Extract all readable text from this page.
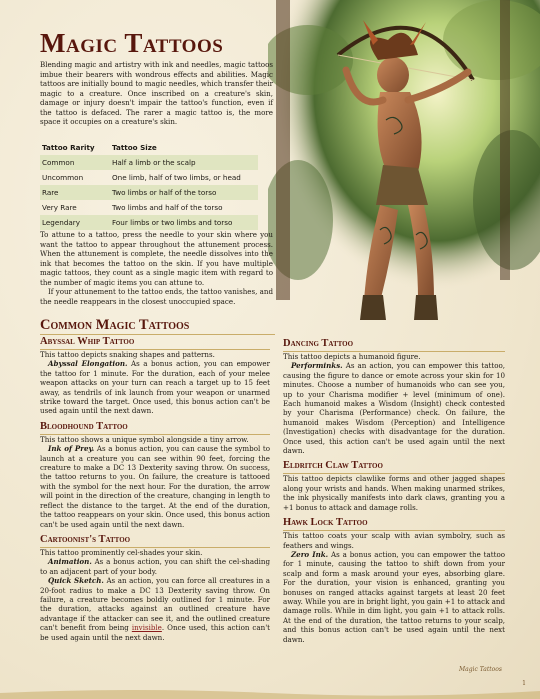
Magic Tattoos

Blending magic and artistry with ink and needles, magic tattoos imbue their bearers with wondrous effects and abilities. Magic tattoos are initially bound to magic needles, which transfer their magic to a creature. Once inscribed on a creature's skin, damage or injury doesn't impair the tattoo's function, even if the tattoo is defaced. The rarer a magic tattoo is, the more space it occupies on a creature's skin.

Tattoo Rarity	Tattoo Size
Common	Half a limb or the scalp
Uncommon	One limb, half of two limbs, or head
Rare	Two limbs or half of the torso
Very Rare	Two limbs and half of the torso
Legendary	Four limbs or two limbs and torso

To attune to a tattoo, press the needle to your skin where you want the tattoo to appear throughout the attunement process. When the attunement is complete, the needle dissolves into the ink that becomes the tattoo on the skin. If you have multiple magic tattoos, they count as a single magic item with regard to the number of magic items you can attune to.

If your attunement to the tattoo ends, the tattoo vanishes, and the needle reappears in the closest unoccupied space.

Common Magic Tattoos
Abyssal Whip Tattoo

This tattoo depicts snaking shapes and patterns.

Abyssal Elongation. As a bonus action, you can empower the tattoo for 1 minute. For the duration, each of your melee weapon attacks on your turn can reach a target up to 15 feet away, as tendrils of ink launch from your weapon or unarmed strike toward the target. Once used, this bonus action can't be used again until the next dawn.

Bloodhound Tattoo

This tattoo shows a unique symbol alongside a tiny arrow.

Ink of Prey. As a bonus action, you can cause the symbol to launch at a creature you can see within 90 feet, forcing the creature to make a DC 13 Dexterity saving throw. On success, the tattoo returns to you. On failure, the creature is tattooed with the symbol for the next hour. For the duration, the arrow will point in the direction of the creature, changing in length to reflect the distance to the target. At the end of the duration, the tattoo reappears on your skin. Once used, this bonus action can't be used again until the next dawn.

Cartoonist's Tattoo

This tattoo prominently cel-shades your skin.

Animation. As a bonus action, you can shift the cel-shading to an adjacent part of your body.

Quick Sketch. As an action, you can force all creatures in a 20-foot radius to make a DC 13 Dexterity saving throw. On failure, a creature becomes boldly outlined for 1 minute. For the duration, attacks against an outlined creature have advantage if the attacker can see it, and the outlined creature can't benefit from being invisible. Once used, this action can't be used again until the next dawn.

Dancing Tattoo

This tattoo depicts a humanoid figure.

Performinks. As an action, you can empower this tattoo, causing the figure to dance or emote across your skin for 10 minutes. Choose a number of humanoids who can see you, up to your Charisma modifier + level (minimum of one). Each humanoid makes a Wisdom (Insight) check contested by your Charisma (Performance) check. On failure, the humanoid makes Wisdom (Perception) and Intelligence (Investigation) checks with disadvantage for the duration. Once used, this action can't be used again until the next dawn.

Eldritch Claw Tattoo

This tattoo depicts clawlike forms and other jagged shapes along your wrists and hands. When making unarmed strikes, the ink physically manifests into dark claws, granting you a +1 bonus to attack and damage rolls.

Hawk Lock Tattoo

This tattoo coats your scalp with avian symbolry, such as feathers and wings.

Zero Ink. As a bonus action, you can empower the tattoo for 1 minute, causing the tattoo to shift down from your scalp and form a mask around your eyes, absorbing glare. For the duration, your vision is enhanced, granting you bonuses on ranged attacks against targets at least 20 feet away. While you are in bright light, you gain +1 to attack and damage rolls. While in dim light, you gain +1 to attack rolls. At the end of the duration, the tattoo returns to your scalp, and this bonus action can't be used again until the next dawn.

Magic Tattoos
1
